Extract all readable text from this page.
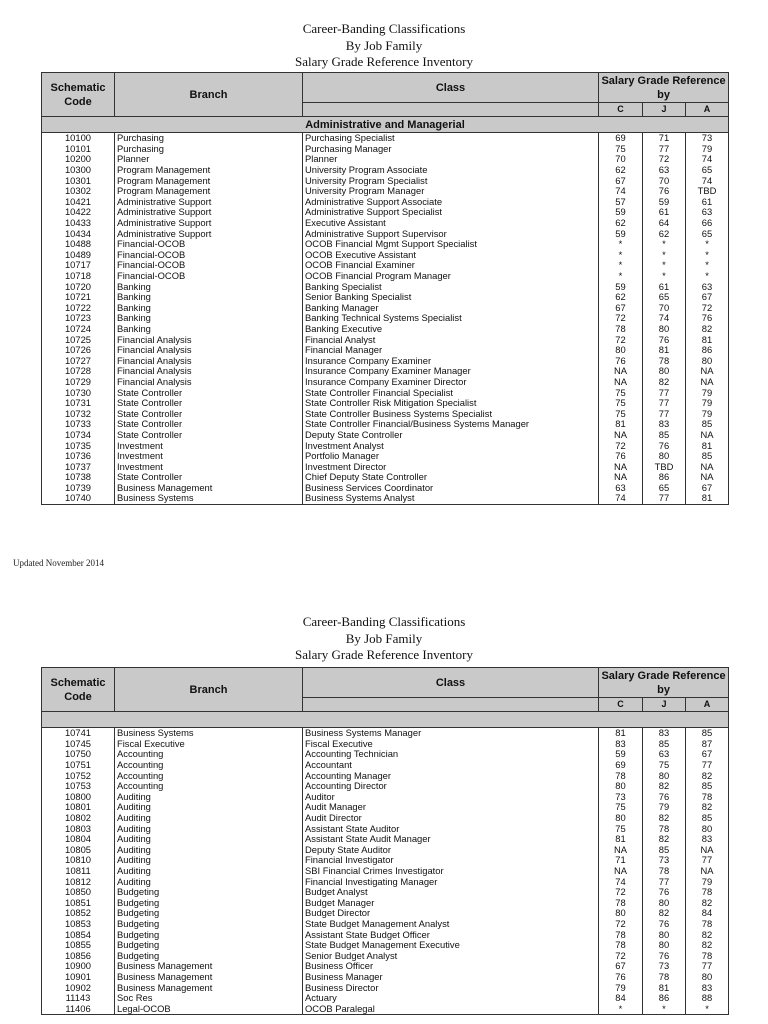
Career-Banding Classifications
By Job Family
Salary Grade Reference Inventory
Schematic Code	Branch	Class	Salary Grade Reference by		
			C	J	A
Administrative and Managerial					
10100	Purchasing	Purchasing Specialist	69	71	73
10101	Purchasing	Purchasing Manager	75	77	79
10200	Planner	Planner	70	72	74
10300	Program Management	University Program Associate	62	63	65
10301	Program Management	University Program Specialist	67	70	74
10302	Program Management	University Program Manager	74	76	TBD
10421	Administrative Support	Administrative Support Associate	57	59	61
10422	Administrative Support	Administrative Support Specialist	59	61	63
10433	Administrative Support	Executive Assistant	62	64	66
10434	Administrative Support	Administrative Support Supervisor	59	62	65
10488	Financial-OCOB	OCOB Financial Mgmt Support Specialist	*	*	*
10489	Financial-OCOB	OCOB Executive Assistant	*	*	*
10717	Financial-OCOB	OCOB Financial Examiner	*	*	*
10718	Financial-OCOB	OCOB Financial Program Manager	*	*	*
10720	Banking	Banking Specialist	59	61	63
10721	Banking	Senior Banking Specialist	62	65	67
10722	Banking	Banking Manager	67	70	72
10723	Banking	Banking Technical Systems Specialist	72	74	76
10724	Banking	Banking Executive	78	80	82
10725	Financial Analysis	Financial Analyst	72	76	81
10726	Financial Analysis	Financial Manager	80	81	86
10727	Financial Analysis	Insurance Company Examiner	76	78	80
10728	Financial Analysis	Insurance Company Examiner Manager	NA	80	NA
10729	Financial Analysis	Insurance Company Examiner Director	NA	82	NA
10730	State Controller	State Controller Financial Specialist	75	77	79
10731	State Controller	State Controller Risk Mitigation Specialist	75	77	79
10732	State Controller	State Controller Business Systems Specialist	75	77	79
10733	State Controller	State Controller Financial/Business Systems Manager	81	83	85
10734	State Controller	Deputy State Controller	NA	85	NA
10735	Investment	Investment Analyst	72	76	81
10736	Investment	Portfolio Manager	76	80	85
10737	Investment	Investment Director	NA	TBD	NA
10738	State Controller	Chief Deputy State Controller	NA	86	NA
10739	Business Management	Business Services Coordinator	63	65	67
10740	Business Systems	Business Systems Analyst	74	77	81
Updated November 2014
Career-Banding Classifications
By Job Family
Salary Grade Reference Inventory
Schematic Code	Branch	Class	Salary Grade Reference by		
			C	J	A

10741	Business Systems	Business Systems Manager	81	83	85
10745	Fiscal Executive	Fiscal Executive	83	85	87
10750	Accounting	Accounting Technician	59	63	67
10751	Accounting	Accountant	69	75	77
10752	Accounting	Accounting Manager	78	80	82
10753	Accounting	Accounting Director	80	82	85
10800	Auditing	Auditor	73	76	78
10801	Auditing	Audit Manager	75	79	82
10802	Auditing	Audit Director	80	82	85
10803	Auditing	Assistant State Auditor	75	78	80
10804	Auditing	Assistant State Audit Manager	81	82	83
10805	Auditing	Deputy State Auditor	NA	85	NA
10810	Auditing	Financial Investigator	71	73	77
10811	Auditing	SBI Financial Crimes Investigator	NA	78	NA
10812	Auditing	Financial Investigating Manager	74	77	79
10850	Budgeting	Budget Analyst	72	76	78
10851	Budgeting	Budget Manager	78	80	82
10852	Budgeting	Budget Director	80	82	84
10853	Budgeting	State Budget Management Analyst	72	76	78
10854	Budgeting	Assistant State Budget Officer	78	80	82
10855	Budgeting	State Budget Management Executive	78	80	82
10856	Budgeting	Senior Budget Analyst	72	76	78
10900	Business Management	Business Officer	67	73	77
10901	Business Management	Business Manager	76	78	80
10902	Business Management	Business Director	79	81	83
11143	Soc Res	Actuary	84	86	88
11406	Legal-OCOB	OCOB Paralegal	*	*	*
